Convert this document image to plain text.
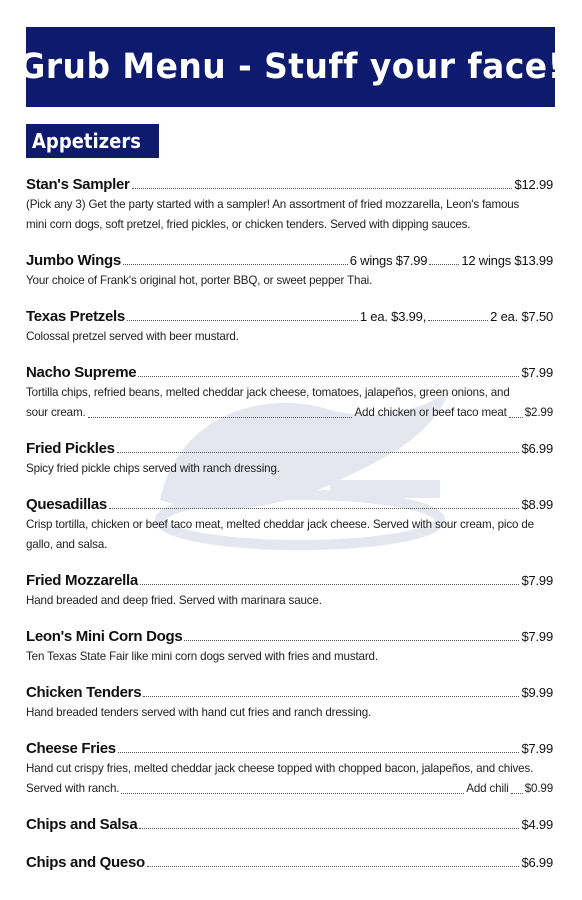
Grub Menu - Stuff your face!
Appetizers
Stan's Sampler	$12.99
(Pick any 3) Get the party started with a sampler! An assortment of fried mozzarella, Leon's famous
mini corn dogs, soft pretzel, fried pickles, or chicken tenders. Served with dipping sauces.
Jumbo Wings	6 wings $7.99	12 wings $13.99
Your choice of Frank's original hot, porter BBQ, or sweet pepper Thai.
Texas Pretzels	1 ea. $3.99,	2 ea. $7.50
Colossal pretzel served with beer mustard.
Nacho Supreme	$7.99
Tortilla chips, refried beans, melted cheddar jack cheese, tomatoes, jalapeños, green onions, and
sour cream.	Add chicken or beef taco meat $2.99
Fried Pickles	$6.99
Spicy fried pickle chips served with ranch dressing.
Quesadillas	$8.99
Crisp tortilla, chicken or beef taco meat, melted cheddar jack cheese. Served with sour cream, pico de
gallo, and salsa.
Fried Mozzarella	$7.99
Hand breaded and deep fried. Served with marinara sauce.
Leon's Mini Corn Dogs	$7.99
Ten Texas State Fair like mini corn dogs served with fries and mustard.
Chicken Tenders	$9.99
Hand breaded tenders served with hand cut fries and ranch dressing.
Cheese Fries	$7.99
Hand cut crispy fries, melted cheddar jack cheese topped with chopped bacon, jalapeños, and chives.
Served with ranch.	Add chili $0.99
Chips and Salsa	$4.99
Chips and Queso	$6.99
